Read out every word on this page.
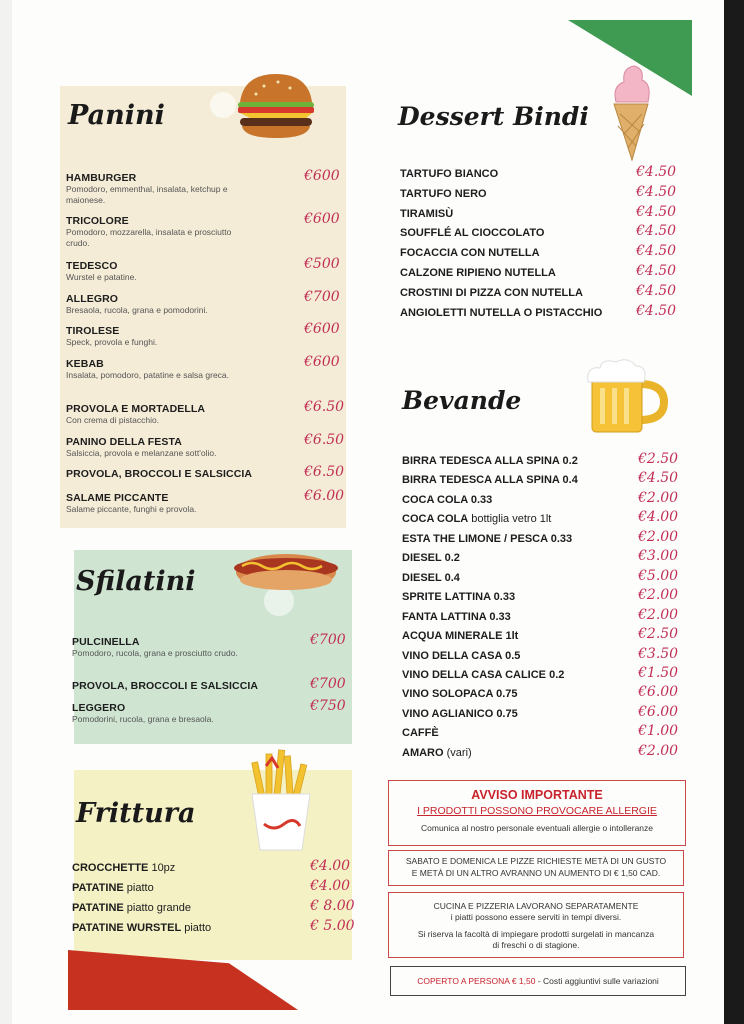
Panini
Sfilatini
Frittura
Dessert Bindi
Bevande
HAMBURGER
Pomodoro, emmenthal, insalata, ketchup e maionese.
€600
TRICOLORE
Pomodoro, mozzarella, insalata e prosciutto crudo.
€600
TEDESCO
Wurstel e patatine.
€500
ALLEGRO
Bresaola, rucola, grana e pomodorini.
€700
TIROLESE
Speck, provola e funghi.
€600
KEBAB
Insalata, pomodoro, patatine e salsa greca.
€600
PROVOLA E MORTADELLA
Con crema di pistacchio.
€6.50
PANINO DELLA FESTA
Salsiccia, provola e melanzane sott'olio.
€6.50
PROVOLA, BROCCOLI E SALSICCIA	€6.50
SALAME PICCANTE
Salame piccante, funghi e provola.
€6.00
PULCINELLA
Pomodoro, rucola, grana e prosciutto crudo.
€700
PROVOLA, BROCCOLI E SALSICCIA	€700
LEGGERO
Pomodorini, rucola, grana e bresaola.
€750
CROCCHETTE 10pz	€4.00
PATATINE piatto	€4.00
PATATINE piatto grande	€ 8.00
PATATINE WURSTEL piatto	€ 5.00
TARTUFO BIANCO	€4.50
TARTUFO NERO	€4.50
TIRAMISÙ	€4.50
SOUFFLÉ AL CIOCCOLATO	€4.50
FOCACCIA CON NUTELLA	€4.50
CALZONE RIPIENO NUTELLA	€4.50
CROSTINI DI PIZZA CON NUTELLA	€4.50
ANGIOLETTI NUTELLA O PISTACCHIO €4.50
BIRRA TEDESCA ALLA SPINA 0.2	€2.50
BIRRA TEDESCA ALLA SPINA 0.4	€4.50
COCA COLA 0.33	€2.00
COCA COLA bottiglia vetro 1lt	€4.00
ESTA THE LIMONE / PESCA 0.33	€2.00
DIESEL 0.2	€3.00
DIESEL 0.4	€5.00
SPRITE LATTINA 0.33	€2.00
FANTA LATTINA 0.33	€2.00
ACQUA MINERALE 1lt	€2.50
VINO DELLA CASA 0.5	€3.50
VINO DELLA CASA CALICE 0.2	€1.50
VINO SOLOPACA 0.75	€6.00
VINO AGLIANICO 0.75	€6.00
CAFFÈ	€1.00
AMARO (vari)	€2.00
AVVISO IMPORTANTE
I PRODOTTI POSSONO PROVOCARE ALLERGIE
Comunica al nostro personale eventuali allergie o intolleranze
SABATO E DOMENICA LE PIZZE RICHIESTE METÀ DI UN GUSTO
E METÀ DI UN ALTRO AVRANNO UN AUMENTO DI € 1,50 CAD.
CUCINA E PIZZERIA LAVORANO SEPARATAMENTE
i piatti possono essere serviti in tempi diversi.
Si riserva la facoltà di impiegare prodotti surgelati in mancanza
di freschi o di stagione.
COPERTO A PERSONA € 1,50 - Costi aggiuntivi sulle variazioni
